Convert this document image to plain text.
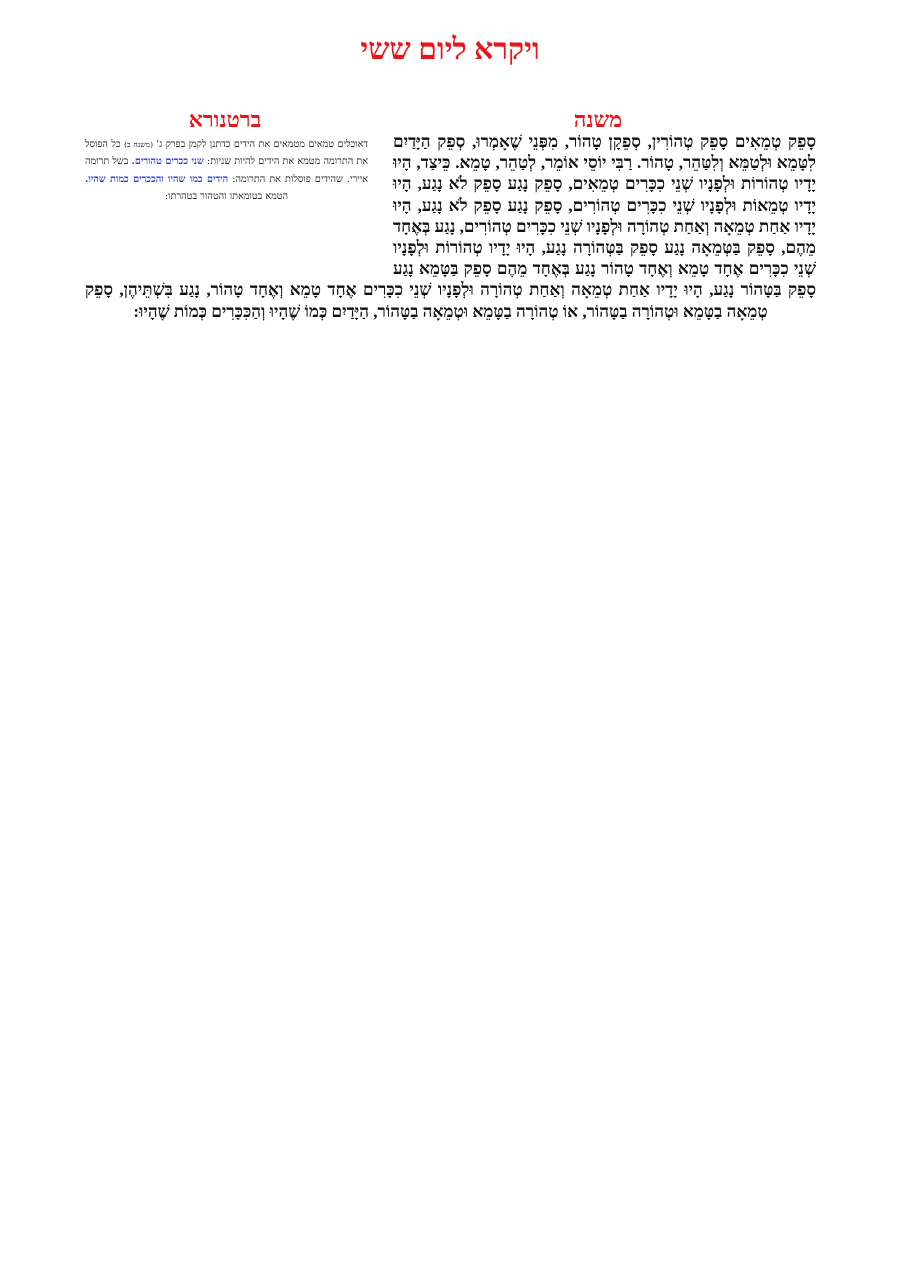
ויקרא ליום ששי
משנה
ברטנורא

דאוכלים טמאים מטמאים את הידים כדתנן לקמן בפרק ג' (משנה ב) כל הפוסל את התרומה מטמא את הידים להיות שניות: שני ככרים טהורים. בשל תרומה איירי. שהידים פוסלות את התרומה: הידים כמו שהיו והככרים כמות שהיו. הטמא בטומאתו והטהור בטהרתו:

סָפֵק טְמֵאִים סָפֵק טְהוֹרִין, סְפֵקָן טָהוֹר, מִפְּנֵי שֶׁאָמְרוּ, סְפֵק הַיָּדַיִם לִטָּמֵא וּלְטַמֵּא וְלִטַּהֵר, טָהוֹר. רַבִּי יוֹסֵי אוֹמֵר, לְטַהֵר, טָמֵא. כֵּיצַד, הָיוּ יָדָיו טְהוֹרוֹת וּלְפָנָיו שְׁנֵי כִכָּרִים טְמֵאִים, סָפֵק נָגַע סָפֵק לֹא נָגַע, הָיוּ יָדָיו טְמֵאוֹת וּלְפָנָיו שְׁנֵי כִכָּרִים טְהוֹרִים, סָפֵק נָגַע סָפֵק לֹא נָגַע, הָיוּ יָדָיו אַחַת טְמֵאָה וְאַחַת טְהוֹרָה וּלְפָנָיו שְׁנֵי כִכָּרִים טְהוֹרִים, נָגַע בְּאֶחָד מֵהֶם, סָפֵק בַּטְּמֵאָה נָגַע סָפֵק בַּטְּהוֹרָה נָגַע, הָיוּ יָדָיו טְהוֹרוֹת וּלְפָנָיו שְׁנֵי כִכָּרִים אֶחָד טָמֵא וְאֶחָד טָהוֹר נָגַע בְּאֶחָד מֵהֶם סָפֵק בַּטָּמֵא נָגַע סָפֵק בַּטָּהוֹר נָגַע, הָיוּ יָדָיו אַחַת טְמֵאָה וְאַחַת טְהוֹרָה וּלְפָנָיו שְׁנֵי כִכָּרִים אֶחָד טָמֵא וְאֶחָד טָהוֹר, נָגַע בִּשְׁתֵּיהֶן, סָפֵק טְמֵאָה בַטָּמֵא וּטְהוֹרָה בַטָּהוֹר, אוֹ טְהוֹרָה בַטָּמֵא וּטְמֵאָה בַטָּהוֹר, הַיָּדַיִם כְּמוֹ שֶׁהָיוּ וְהַכִּכָּרִים כְּמוֹת שֶׁהָיוּ:
